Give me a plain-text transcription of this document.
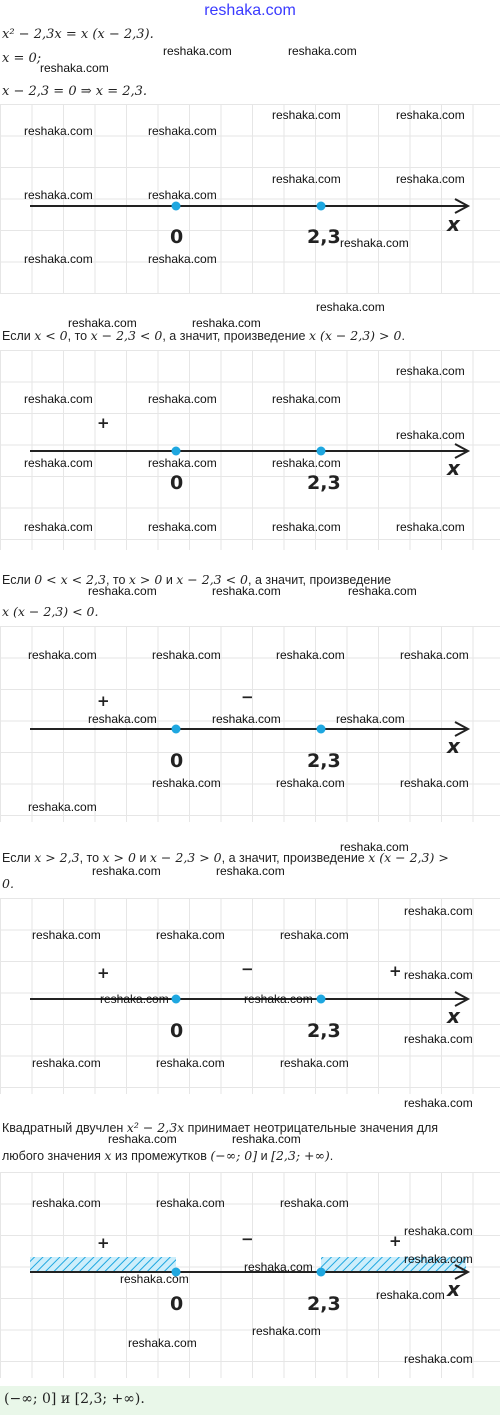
reshaka.com
x² − 2,3x = x (x − 2,3).
x = 0;
x − 2,3 = 0 ⇒ x = 2,3.
0	2,3
x
Если x < 0, то x − 2,3 < 0, а значит, произведение x (x − 2,3) > 0.
+
0	2,3
x
Если 0 < x < 2,3, то x > 0 и x − 2,3 < 0, а значит, произведение
x (x − 2,3) < 0.
+	−
0	2,3
x
Если x > 2,3, то x > 0 и x − 2,3 > 0, а значит, произведение x (x − 2,3) >
0.
+	−	+
0	2,3
x
Квадратный двучлен x² − 2,3x принимает неотрицательные значения для
любого значения x из промежутков (−∞; 0] и [2,3; +∞).
+	−	+
0	2,3
x
(−∞; 0] и [2,3; +∞).
reshaka.com	reshaka.com
reshaka.com
reshaka.com	reshaka.com
reshaka.com	reshaka.com
reshaka.com	reshaka.com
reshaka.com	reshaka.com
reshaka.com
reshaka.com	reshaka.com
reshaka.com
reshaka.com	reshaka.com
reshaka.com
reshaka.com	reshaka.com	reshaka.com
reshaka.com
reshaka.com	reshaka.com	reshaka.com
reshaka.com	reshaka.com	reshaka.com	reshaka.com
reshaka.com	reshaka.com	reshaka.com
reshaka.com	reshaka.com	reshaka.com	reshaka.com
reshaka.com	reshaka.com	reshaka.com
reshaka.com	reshaka.com	reshaka.com
reshaka.com
reshaka.com
reshaka.com	reshaka.com
reshaka.com
reshaka.com	reshaka.com	reshaka.com
reshaka.com
reshaka.com	reshaka.com
reshaka.com
reshaka.com	reshaka.com	reshaka.com
reshaka.com
reshaka.com	reshaka.com
reshaka.com	reshaka.com	reshaka.com
reshaka.com
reshaka.com
reshaka.com
reshaka.com
reshaka.com
reshaka.com
reshaka.com
reshaka.com
